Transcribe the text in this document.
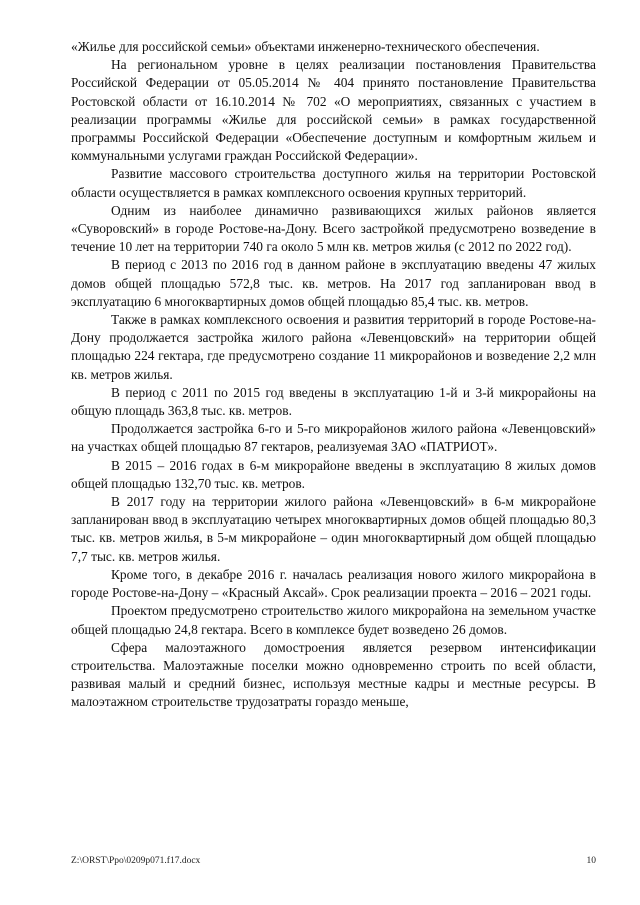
«Жилье для российской семьи» объектами инженерно-технического обеспечения.

На региональном уровне в целях реализации постановления Правительства Российской Федерации от 05.05.2014 № 404 принято постановление Правительства Ростовской области от 16.10.2014 № 702 «О мероприятиях, связанных с участием в реализации программы «Жилье для российской семьи» в рамках государственной программы Российской Федерации «Обеспечение доступным и комфортным жильем и коммунальными услугами граждан Российской Федерации».

Развитие массового строительства доступного жилья на территории Ростовской области осуществляется в рамках комплексного освоения крупных территорий.

Одним из наиболее динамично развивающихся жилых районов является «Суворовский» в городе Ростове-на-Дону. Всего застройкой предусмотрено возведение в течение 10 лет на территории 740 га около 5 млн кв. метров жилья (с 2012 по 2022 год).

В период с 2013 по 2016 год в данном районе в эксплуатацию введены 47 жилых домов общей площадью 572,8 тыс. кв. метров. На 2017 год запланирован ввод в эксплуатацию 6 многоквартирных домов общей площадью 85,4 тыс. кв. метров.

Также в рамках комплексного освоения и развития территорий в городе Ростове-на-Дону продолжается застройка жилого района «Левенцовский» на территории общей площадью 224 гектара, где предусмотрено создание 11 микрорайонов и возведение 2,2 млн кв. метров жилья.

В период с 2011 по 2015 год введены в эксплуатацию 1-й и 3-й микрорайоны на общую площадь 363,8 тыс. кв. метров.

Продолжается застройка 6-го и 5-го микрорайонов жилого района «Левенцовский» на участках общей площадью 87 гектаров, реализуемая ЗАО «ПАТРИОТ».

В 2015 – 2016 годах в 6-м микрорайоне введены в эксплуатацию 8 жилых домов общей площадью 132,70 тыс. кв. метров.

В 2017 году на территории жилого района «Левенцовский» в 6-м микрорайоне запланирован ввод в эксплуатацию четырех многоквартирных домов общей площадью 80,3 тыс. кв. метров жилья, в 5-м микрорайоне – один многоквартирный дом общей площадью 7,7 тыс. кв. метров жилья.

Кроме того, в декабре 2016 г. началась реализация нового жилого микрорайона в городе Ростове-на-Дону – «Красный Аксай». Срок реализации проекта – 2016 – 2021 годы.

Проектом предусмотрено строительство жилого микрорайона на земельном участке общей площадью 24,8 гектара. Всего в комплексе будет возведено 26 домов.

Сфера малоэтажного домостроения является резервом интенсификации строительства. Малоэтажные поселки можно одновременно строить по всей области, развивая малый и средний бизнес, используя местные кадры и местные ресурсы. В малоэтажном строительстве трудозатраты гораздо меньше,

Z:\ORST\Ppo\0209p071.f17.docx	10
